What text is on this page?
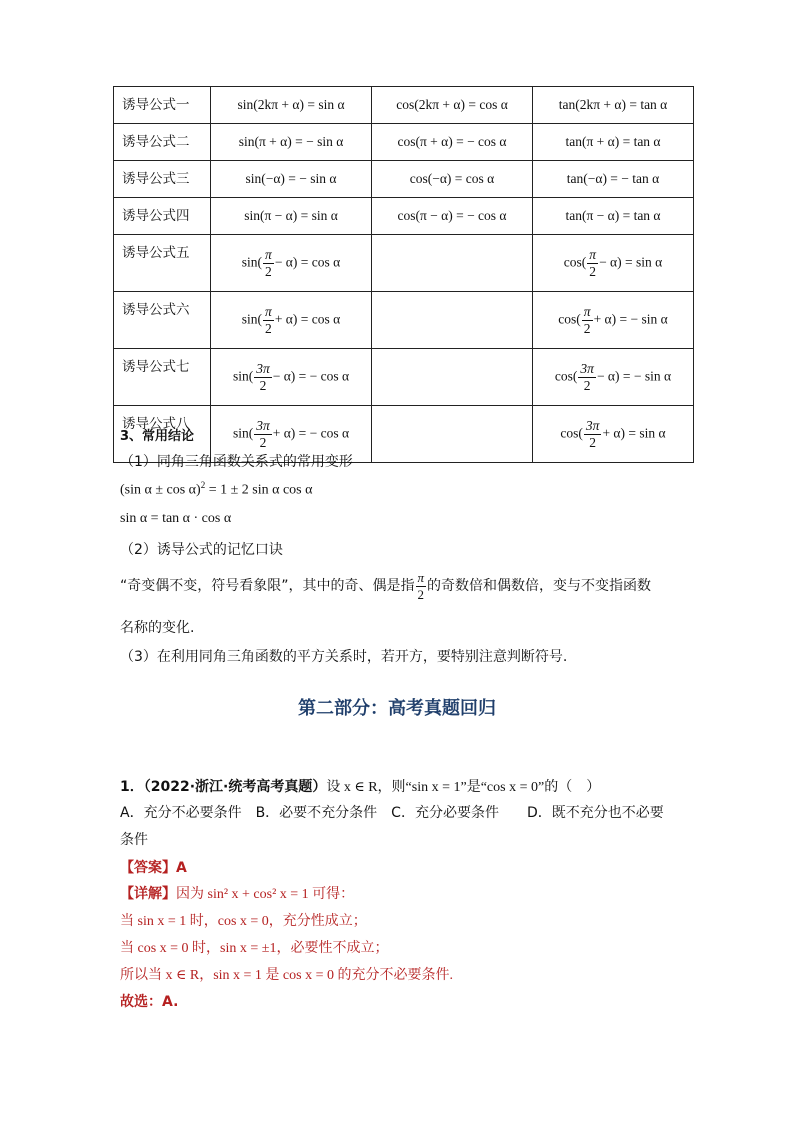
诱导公式一	sin(2kπ + α) = sin α	cos(2kπ + α) = cos α	tan(2kπ + α) = tan α
诱导公式二	sin(π + α) = − sin α	cos(π + α) = − cos α	tan(π + α) = tan α
诱导公式三	sin(−α) = − sin α	cos(−α) = cos α	tan(−α) = − tan α
诱导公式四	sin(π − α) = sin α	cos(π − α) = − cos α	tan(π − α) = tan α
诱导公式五	$\sin( \frac{\pi}{2} - \alpha) = \cos \alpha$		$\cos( \frac{\pi}{2} - \alpha) = \sin \alpha$
诱导公式六	$\sin( \frac{\pi}{2} + \alpha) = \cos \alpha$		$\cos( \frac{\pi}{2} + \alpha)$ = − sin α
诱导公式七	$\sin( \frac{3\pi}{2} - \alpha)$ = − cos α		$\cos( \frac{3\pi}{2} - \alpha)$ = − sin α
诱导公式八	$\sin( \frac{3\pi}{2} + \alpha)$ = − cos α		$\cos( \frac{3\pi}{2} + \alpha) = \sin \alpha$
3、常用结论
（1）同角三角函数关系式的常用变形
(sin α ± cos α)$^2$ = 1 ± 2 sin α cos α
sin α = tan α · cos α
（2）诱导公式的记忆口诀
“奇变偶不变，符号看象限”，其中的奇、偶是指 $\frac{\pi}{2}$ 的奇数倍和偶数倍，变与不变指函数
名称的变化.
（3）在利用同角三角函数的平方关系时，若开方，要特别注意判断符号.
第二部分：高考真题回归
1．（2022·浙江·统考高考真题）设 x ∈ R，则“sin x = 1”是“cos x = 0”的（　）
A．充分不必要条件　B．必要不充分条件　C．充分必要条件　　D．既不充分也不必要
条件
【答案】A
【详解】因为 sin² x + cos² x = 1 可得：
当 sin x = 1 时，cos x = 0，充分性成立；
当 cos x = 0 时，sin x = ±1，必要性不成立；
所以当 x ∈ R，sin x = 1 是 cos x = 0 的充分不必要条件.
故选：A.
